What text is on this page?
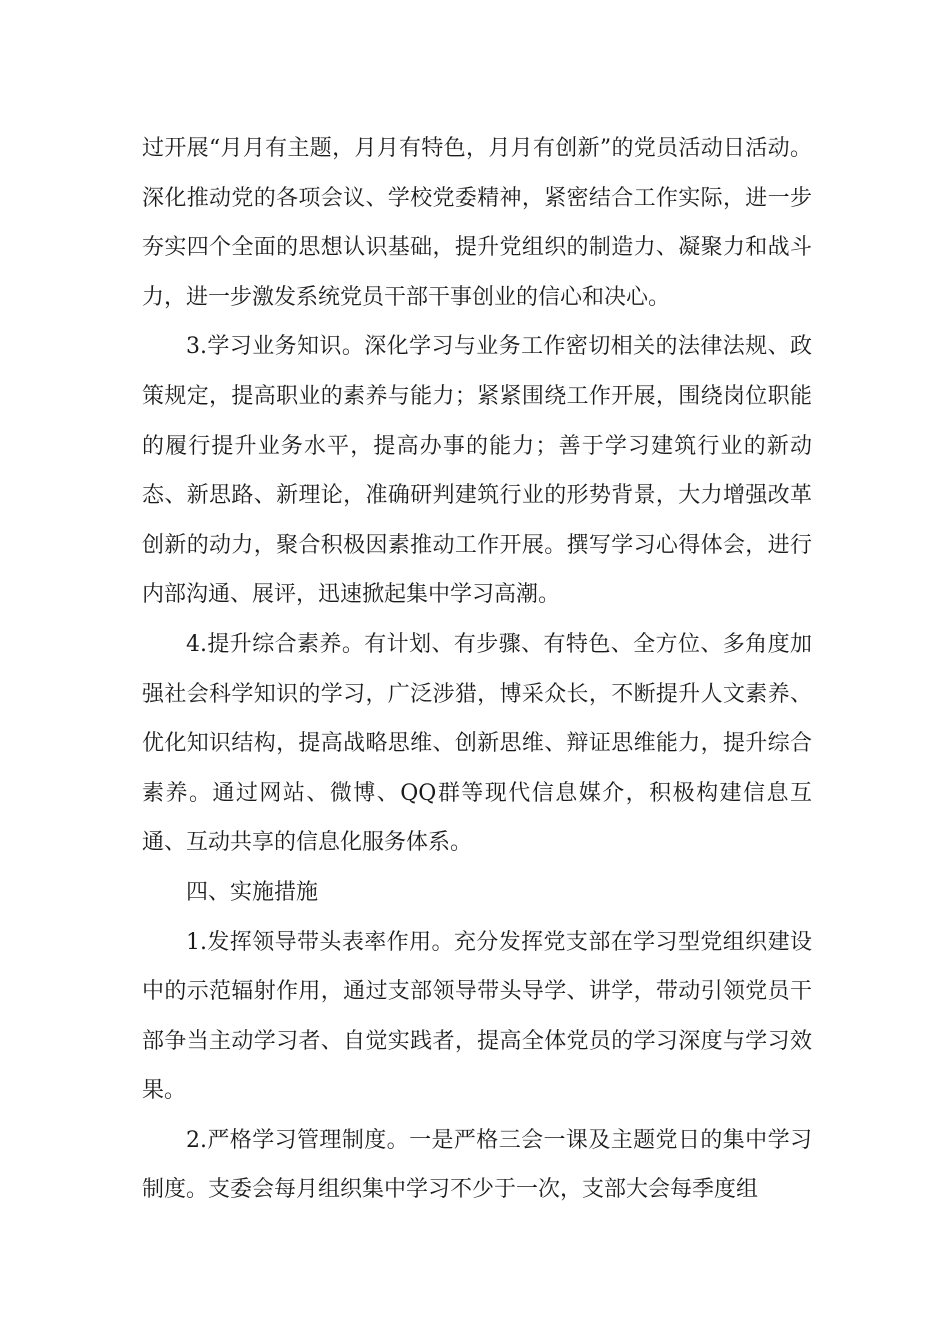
过开展“月月有主题，月月有特色，月月有创新”的党员活动日活动。深化推动党的各项会议、学校党委精神，紧密结合工作实际，进一步夯实四个全面的思想认识基础，提升党组织的制造力、凝聚力和战斗力，进一步激发系统党员干部干事创业的信心和决心。

3.学习业务知识。深化学习与业务工作密切相关的法律法规、政策规定，提高职业的素养与能力；紧紧围绕工作开展，围绕岗位职能的履行提升业务水平，提高办事的能力；善于学习建筑行业的新动态、新思路、新理论，准确研判建筑行业的形势背景，大力增强改革创新的动力，聚合积极因素推动工作开展。撰写学习心得体会，进行内部沟通、展评，迅速掀起集中学习高潮。

4.提升综合素养。有计划、有步骤、有特色、全方位、多角度加强社会科学知识的学习，广泛涉猎，博采众长，不断提升人文素养、优化知识结构，提高战略思维、创新思维、辩证思维能力，提升综合素养。通过网站、微博、QQ群等现代信息媒介，积极构建信息互通、互动共享的信息化服务体系。

四、实施措施

1.发挥领导带头表率作用。充分发挥党支部在学习型党组织建设中的示范辐射作用，通过支部领导带头导学、讲学，带动引领党员干部争当主动学习者、自觉实践者，提高全体党员的学习深度与学习效果。

2.严格学习管理制度。一是严格三会一课及主题党日的集中学习制度。支委会每月组织集中学习不少于一次，支部大会每季度组
